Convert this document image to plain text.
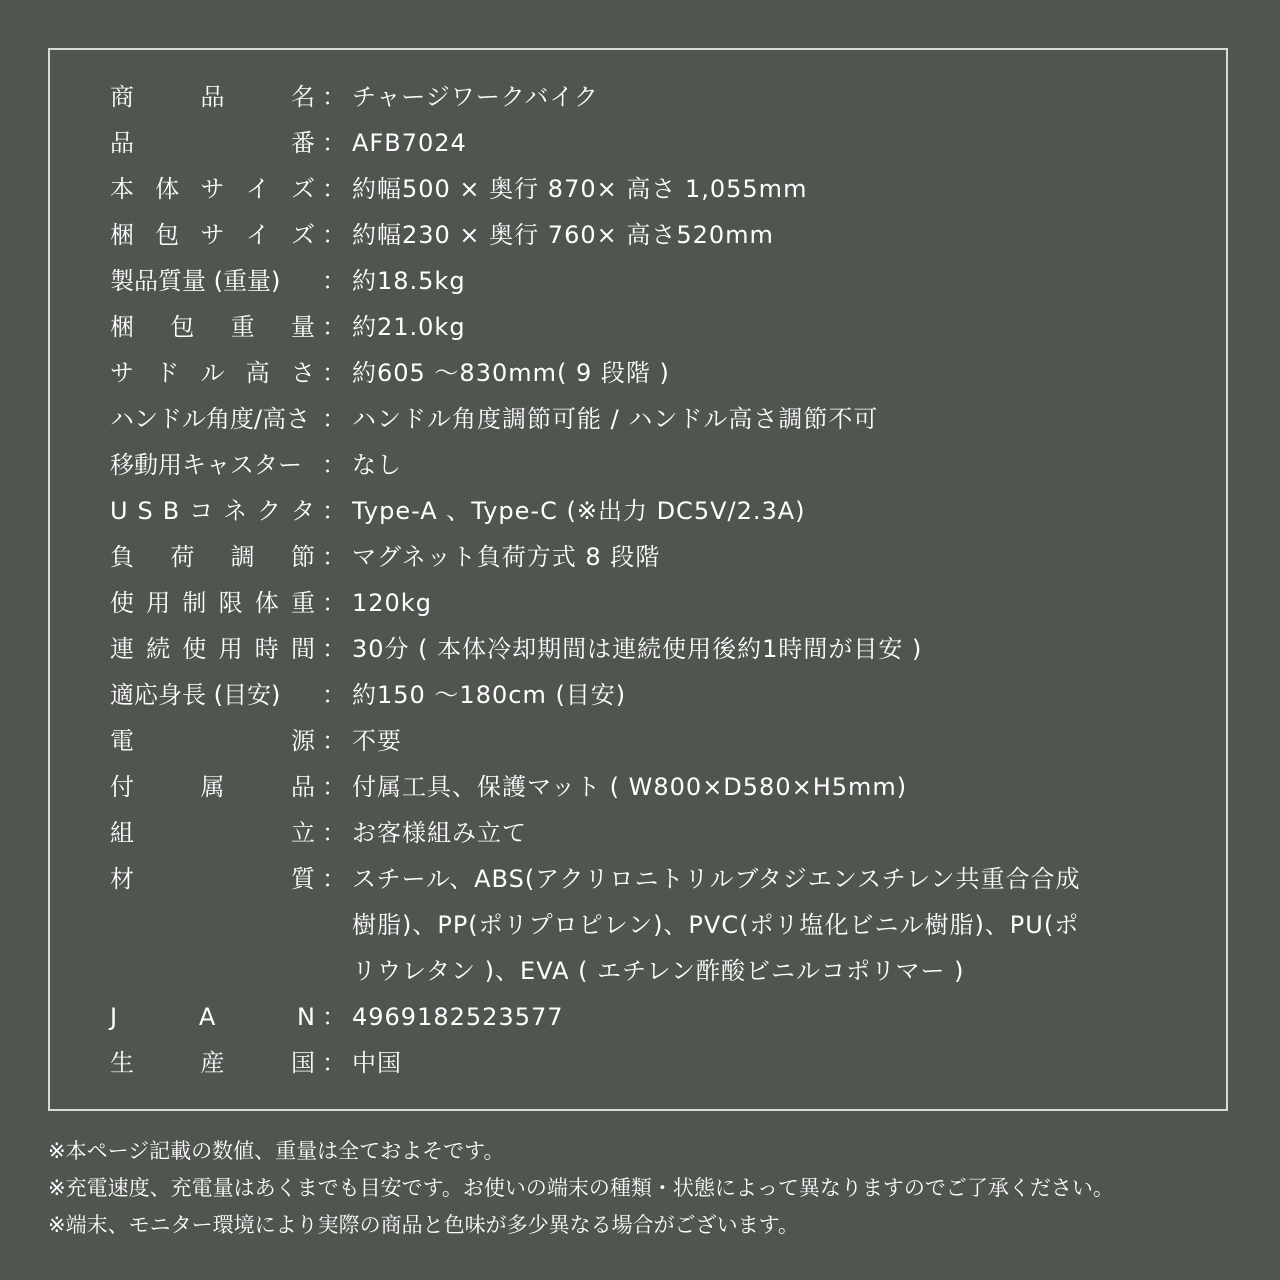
商	品	名 ： チャージワークバイク
品	番 ： AFB7024
本 体 サ イ ズ ： 約幅500 × 奥行 870× 高さ 1,055mm
梱 包 サ イ ズ ： 約幅230 × 奥行 760× 高さ520mm
製品質量 (重量)	： 約18.5kg
梱 包 重 量 ： 約21.0kg
サ ド ル 高 さ ： 約605 ～830mm( 9 段階 )
ハンドル角度/高さ ： ハンドル角度調節可能 / ハンドル高さ調節不可
移動用キャスター ： なし
U S B コ ネ ク タ ： Type-A 、Type-C (※出力 DC5V/2.3A)
負 荷 調 節 ： マグネット負荷方式 8 段階
使 用 制 限 体 重 ： 120kg
連 続 使 用 時 間 ： 30分 ( 本体冷却期間は連続使用後約1時間が目安 )
適応身長 (目安)	： 約150 ～180cm (目安)
電	源 ： 不要
付	属	品 ： 付属工具、保護マット ( W800×D580×H5mm)
組	立 ： お客様組み立て
材	質 ： スチール、ABS(アクリロニトリルブタジエンスチレン共重合合成
樹脂)、PP(ポリプロピレン)、PVC(ポリ塩化ビニル樹脂)、PU(ポ
リウレタン )、EVA ( エチレン酢酸ビニルコポリマー )
J	A	N ： 4969182523577
生	産	国 ： 中国
※本ページ記載の数値、重量は全ておよそです。
※充電速度、充電量はあくまでも目安です。お使いの端末の種類・状態によって異なりますのでご了承ください。
※端末、モニター環境により実際の商品と色味が多少異なる場合がございます。
